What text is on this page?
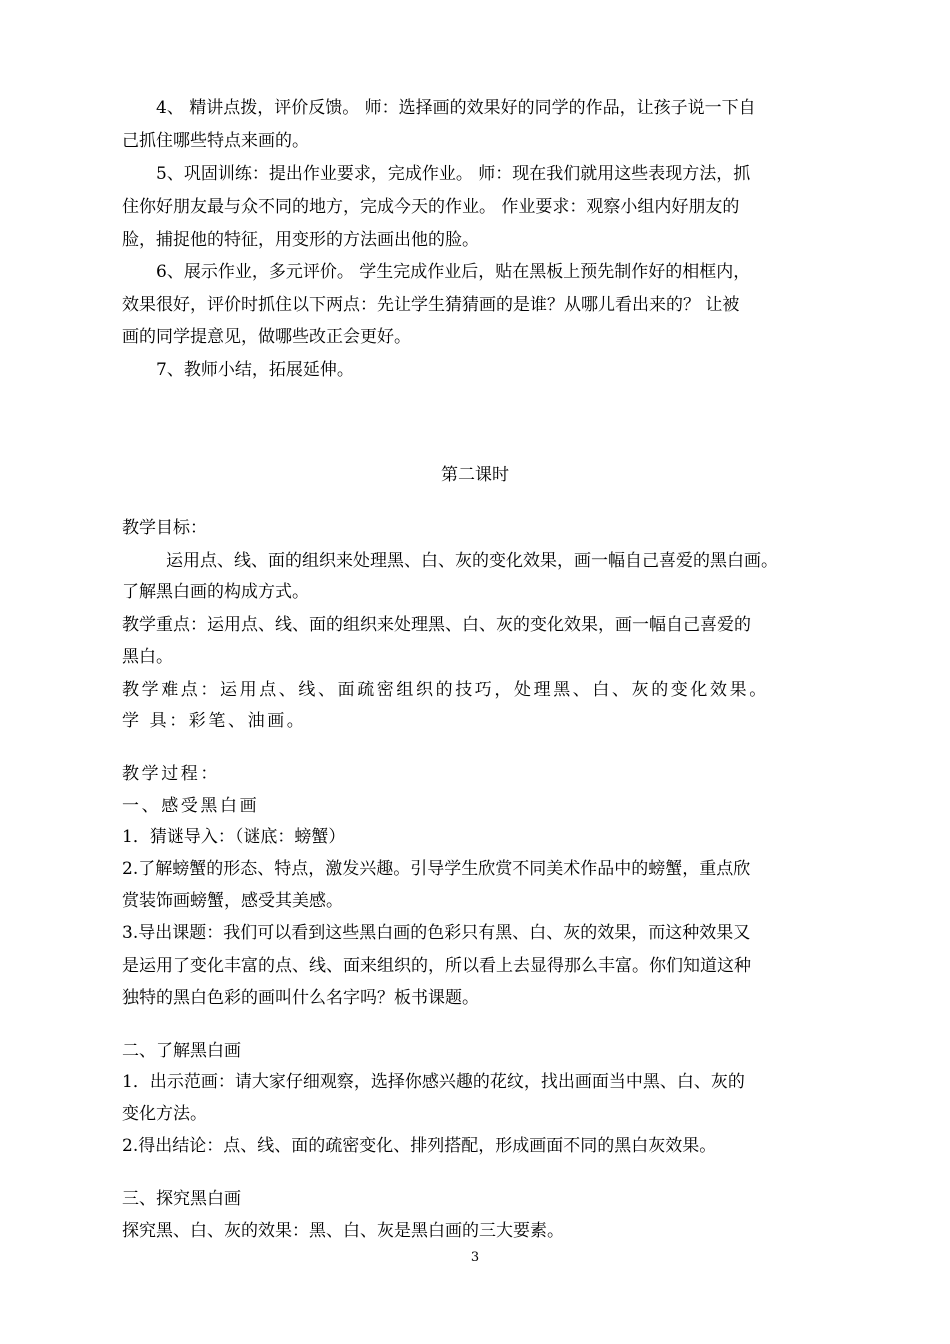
4、 精讲点拨，评价反馈。 师：选择画的效果好的同学的作品，让孩子说一下自
己抓住哪些特点来画的。
5、巩固训练：提出作业要求，完成作业。 师：现在我们就用这些表现方法，抓
住你好朋友最与众不同的地方，完成今天的作业。 作业要求：观察小组内好朋友的
脸，捕捉他的特征，用变形的方法画出他的脸。
6、展示作业，多元评价。 学生完成作业后，贴在黑板上预先制作好的相框内，
效果很好，评价时抓住以下两点：先让学生猜猜画的是谁？从哪儿看出来的？ 让被
画的同学提意见，做哪些改正会更好。
7、教师小结，拓展延伸。
第二课时
教学目标：
运用点、线、面的组织来处理黑、白、灰的变化效果，画一幅自己喜爱的黑白画。
了解黑白画的构成方式。
教学重点：运用点、线、面的组织来处理黑、白、灰的变化效果，画一幅自己喜爱的
黑白。
教学难点：运用点、线、面疏密组织的技巧，处理黑、白、灰的变化效果。
学 具：彩笔、油画。
教学过程：
一、感受黑白画
1．猜谜导入：（谜底：螃蟹）
2.了解螃蟹的形态、特点，激发兴趣。引导学生欣赏不同美术作品中的螃蟹，重点欣
赏装饰画螃蟹，感受其美感。
3.导出课题：我们可以看到这些黑白画的色彩只有黑、白、灰的效果，而这种效果又
是运用了变化丰富的点、线、面来组织的，所以看上去显得那么丰富。你们知道这种
独特的黑白色彩的画叫什么名字吗？板书课题。
二、了解黑白画
1．出示范画：请大家仔细观察，选择你感兴趣的花纹，找出画面当中黑、白、灰的
变化方法。
2.得出结论：点、线、面的疏密变化、排列搭配，形成画面不同的黑白灰效果。
三、探究黑白画
探究黑、白、灰的效果：黑、白、灰是黑白画的三大要素。
3
